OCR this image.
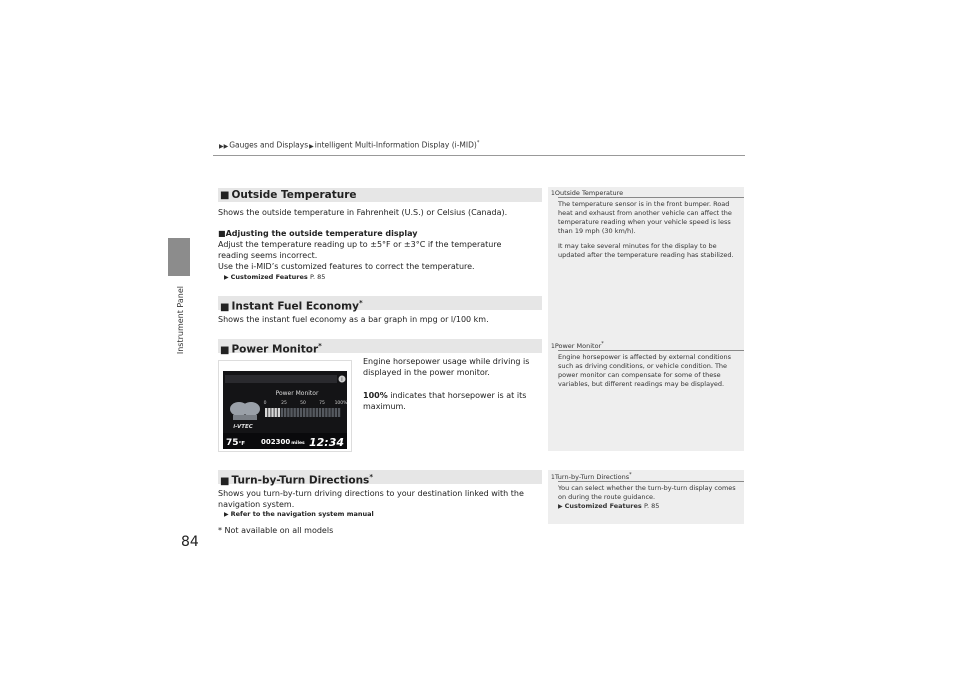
▶▶Gauges and Displays▶intelligent Multi-Information Display (i-MID)*
Instrument Panel
84
■ Outside Temperature
Shows the outside temperature in Fahrenheit (U.S.) or Celsius (Canada).
■Adjusting the outside temperature display
Adjust the temperature reading up to ±5°F or ±3°C if the temperature reading seems incorrect.
Use the i-MID’s customized features to correct the temperature.
▶ Customized Features P. 85
■ Instant Fuel Economy*
Shows the instant fuel economy as a bar graph in mpg or l/100 km.
■ Power Monitor*
Engine horsepower usage while driving is displayed in the power monitor.
100% indicates that horsepower is at its maximum.
i
Power Monitor
0	25	50	75 100%
i-VTEC
75°F 002300miles 12:34
■ Turn-by-Turn Directions*
Shows you turn-by-turn driving directions to your destination linked with the navigation system.
▶ Refer to the navigation system manual
* Not available on all models
1Outside Temperature
The temperature sensor is in the front bumper. Road heat and exhaust from another vehicle can affect the temperature reading when your vehicle speed is less than 19 mph (30 km/h).
It may take several minutes for the display to be updated after the temperature reading has stabilized.
1Power Monitor*
Engine horsepower is affected by external conditions such as driving conditions, or vehicle condition. The power monitor can compensate for some of these variables, but different readings may be displayed.
1Turn-by-Turn Directions*
You can select whether the turn-by-turn display comes on during the route guidance.
▶ Customized Features P. 85
